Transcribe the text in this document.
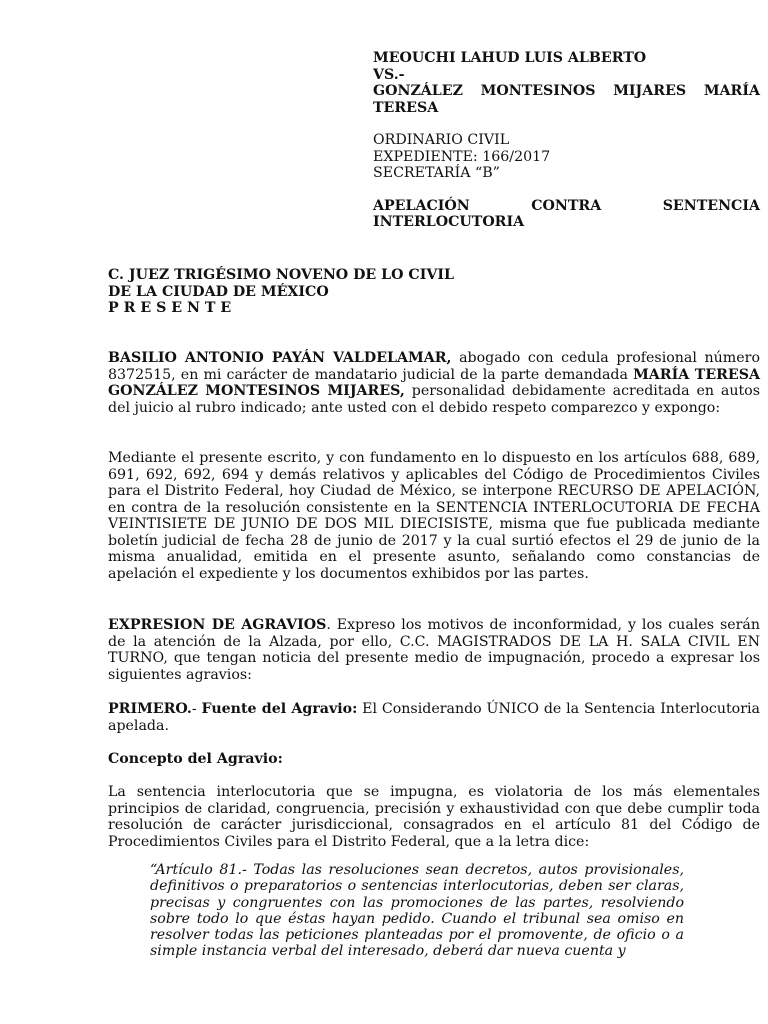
MEOUCHI LAHUD LUIS ALBERTO
VS.-
GONZÁLEZ MONTESINOS MIJARES MARÍA
TERESA
ORDINARIO CIVIL
EXPEDIENTE: 166/2017
SECRETARÍA “B”
APELACIÓN CONTRA SENTENCIA
INTERLOCUTORIA
C. JUEZ TRIGÉSIMO NOVENO DE LO CIVIL
DE LA CIUDAD DE MÉXICO
P R E S E N T E

BASILIO ANTONIO PAYÁN VALDELAMAR, abogado con cedula profesional número 8372515, en mi carácter de mandatario judicial de la parte demandada MARÍA TERESA GONZÁLEZ MONTESINOS MIJARES, personalidad debidamente acreditada en autos del juicio al rubro indicado; ante usted con el debido respeto comparezco y expongo:

Mediante el presente escrito, y con fundamento en lo dispuesto en los artículos 688, 689, 691, 692, 692, 694 y demás relativos y aplicables del Código de Procedimientos Civiles para el Distrito Federal, hoy Ciudad de México, se interpone RECURSO DE APELACIÓN, en contra de la resolución consistente en la SENTENCIA INTERLOCUTORIA DE FECHA VEINTISIETE DE JUNIO DE DOS MIL DIECISISTE, misma que fue publicada mediante boletín judicial de fecha 28 de junio de 2017 y la cual surtió efectos el 29 de junio de la misma anualidad, emitida en el presente asunto, señalando como constancias de apelación el expediente y los documentos exhibidos por las partes.

EXPRESION DE AGRAVIOS. Expreso los motivos de inconformidad, y los cuales serán de la atención de la Alzada, por ello, C.C. MAGISTRADOS DE LA H. SALA CIVIL EN TURNO, que tengan noticia del presente medio de impugnación, procedo a expresar los siguientes agravios:

PRIMERO.- Fuente del Agravio: El Considerando ÚNICO de la Sentencia Interlocutoria apelada.

Concepto del Agravio:

La sentencia interlocutoria que se impugna, es violatoria de los más elementales principios de claridad, congruencia, precisión y exhaustividad con que debe cumplir toda resolución de carácter jurisdiccional, consagrados en el artículo 81 del Código de Procedimientos Civiles para el Distrito Federal, que a la letra dice:

“Artículo 81.- Todas las resoluciones sean decretos, autos provisionales, definitivos o preparatorios o sentencias interlocutorias, deben ser claras, precisas y congruentes con las promociones de las partes, resolviendo sobre todo lo que éstas hayan pedido. Cuando el tribunal sea omiso en resolver todas las peticiones planteadas por el promovente, de oficio o a simple instancia verbal del interesado, deberá dar nueva cuenta y
